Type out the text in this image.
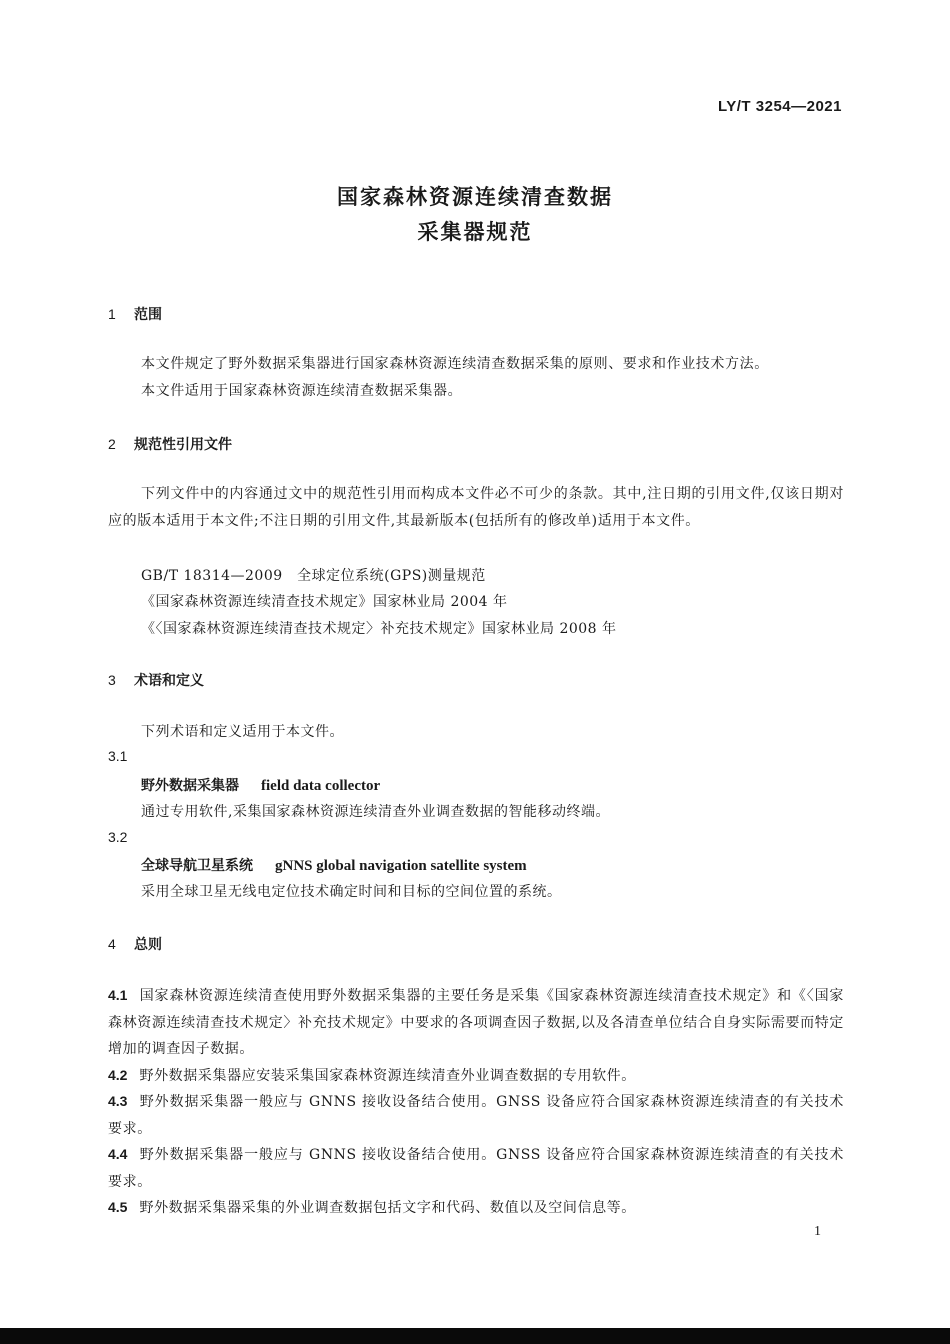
LY/T 3254—2021
国家森林资源连续清查数据
采集器规范
1 范围
本文件规定了野外数据采集器进行国家森林资源连续清查数据采集的原则、要求和作业技术方法。
本文件适用于国家森林资源连续清查数据采集器。
2 规范性引用文件
下列文件中的内容通过文中的规范性引用而构成本文件必不可少的条款。其中,注日期的引用文件,仅该日期对应的版本适用于本文件;不注日期的引用文件,其最新版本(包括所有的修改单)适用于本文件。
GB/T 18314—2009　全球定位系统(GPS)测量规范
《国家森林资源连续清查技术规定》国家林业局 2004 年
《〈国家森林资源连续清查技术规定〉补充技术规定》国家林业局 2008 年
3 术语和定义
下列术语和定义适用于本文件。
3.1
野外数据采集器 field data collector
通过专用软件,采集国家森林资源连续清查外业调查数据的智能移动终端。
3.2
全球导航卫星系统 gNNS global navigation satellite system
采用全球卫星无线电定位技术确定时间和目标的空间位置的系统。
4 总则
4.1 国家森林资源连续清查使用野外数据采集器的主要任务是采集《国家森林资源连续清查技术规定》和《〈国家森林资源连续清查技术规定〉补充技术规定》中要求的各项调查因子数据,以及各清查单位结合自身实际需要而特定增加的调查因子数据。
4.2 野外数据采集器应安装采集国家森林资源连续清查外业调查数据的专用软件。
4.3 野外数据采集器一般应与 GNNS 接收设备结合使用。GNSS 设备应符合国家森林资源连续清查的有关技术要求。
4.4 野外数据采集器一般应与 GNNS 接收设备结合使用。GNSS 设备应符合国家森林资源连续清查的有关技术要求。
4.5 野外数据采集器采集的外业调查数据包括文字和代码、数值以及空间信息等。
1
